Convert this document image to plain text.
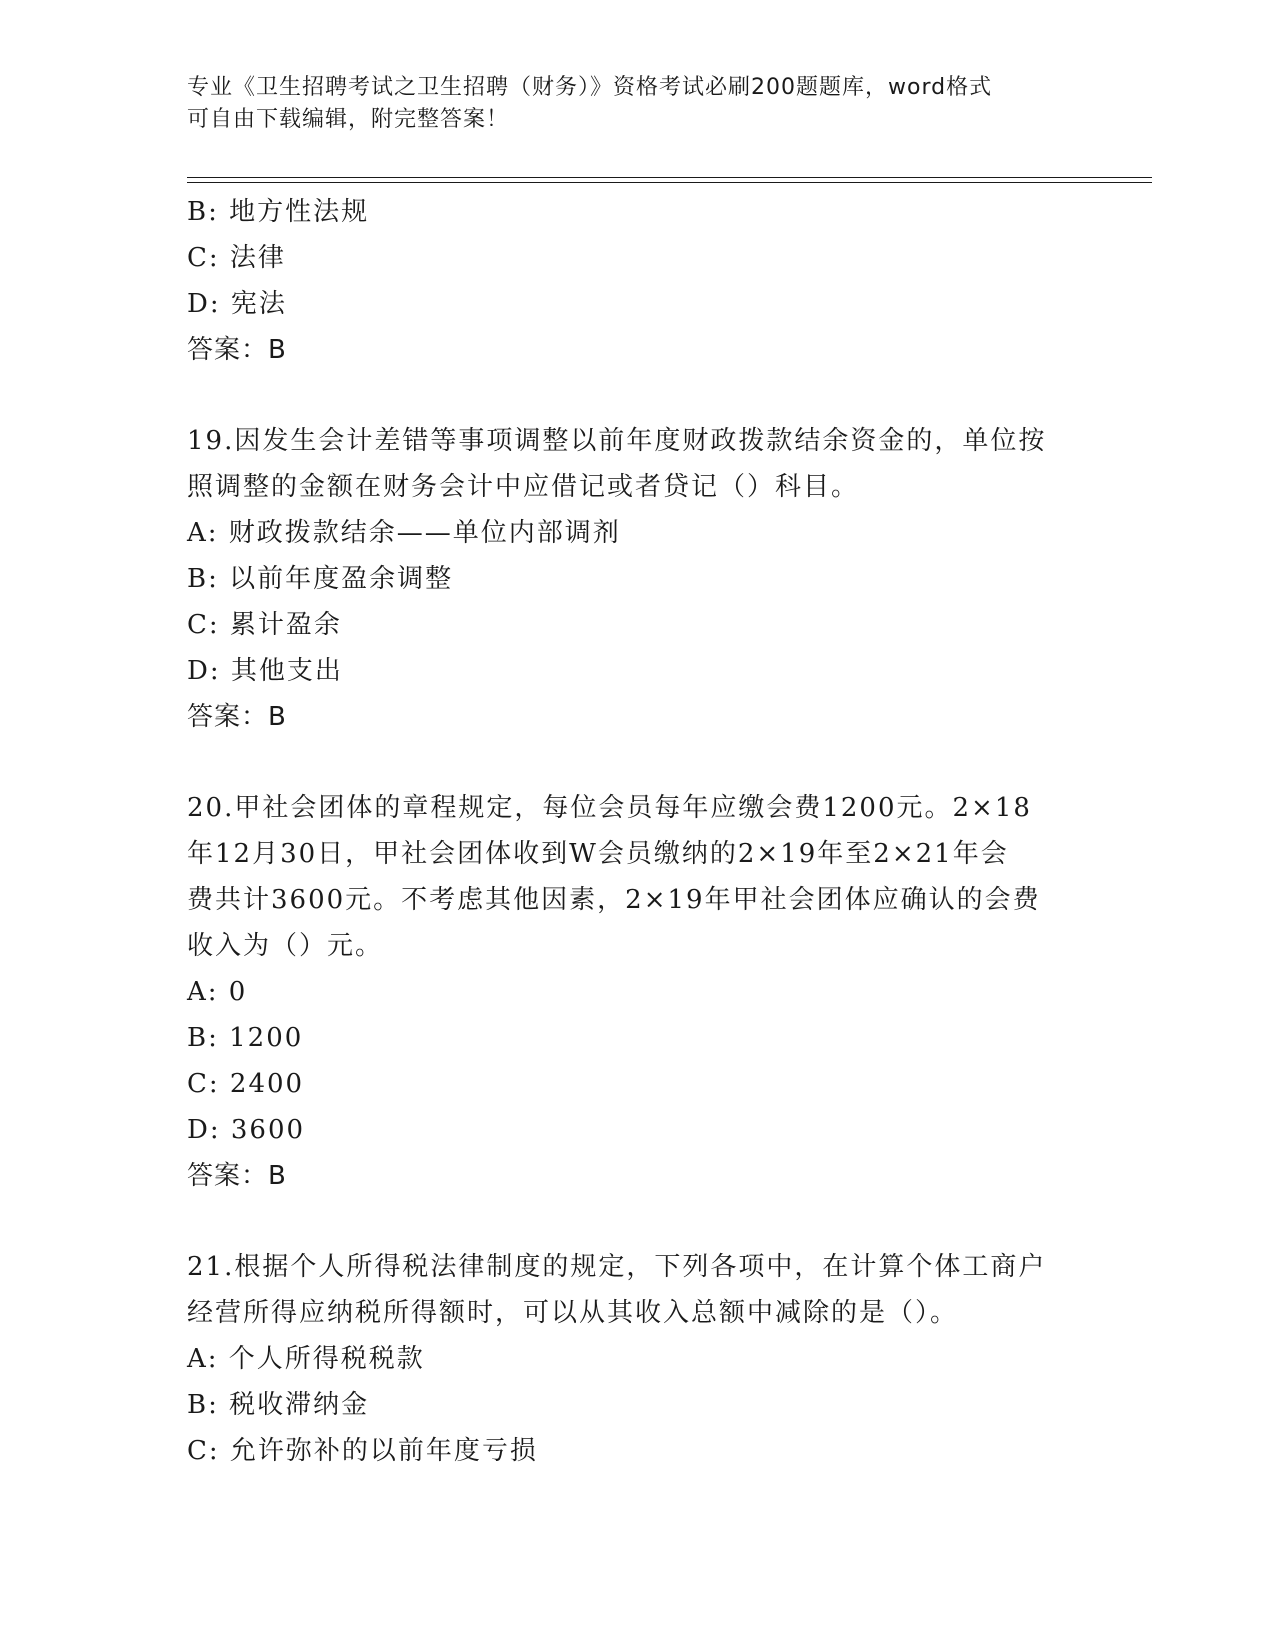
专业《卫生招聘考试之卫生招聘（财务）》资格考试必刷200题题库，word格式
可自由下载编辑，附完整答案！
B: 地方性法规
C: 法律
D: 宪法
答案：B
19.因发生会计差错等事项调整以前年度财政拨款结余资金的，单位按
照调整的金额在财务会计中应借记或者贷记（）科目。
A: 财政拨款结余——单位内部调剂
B: 以前年度盈余调整
C: 累计盈余
D: 其他支出
答案：B
20.甲社会团体的章程规定，每位会员每年应缴会费1200元。2×18
年12月30日，甲社会团体收到W会员缴纳的2×19年至2×21年会
费共计3600元。不考虑其他因素，2×19年甲社会团体应确认的会费
收入为（）元。
A: 0
B: 1200
C: 2400
D: 3600
答案：B
21.根据个人所得税法律制度的规定，下列各项中，在计算个体工商户
经营所得应纳税所得额时，可以从其收入总额中减除的是（）。
A: 个人所得税税款
B: 税收滞纳金
C: 允许弥补的以前年度亏损
